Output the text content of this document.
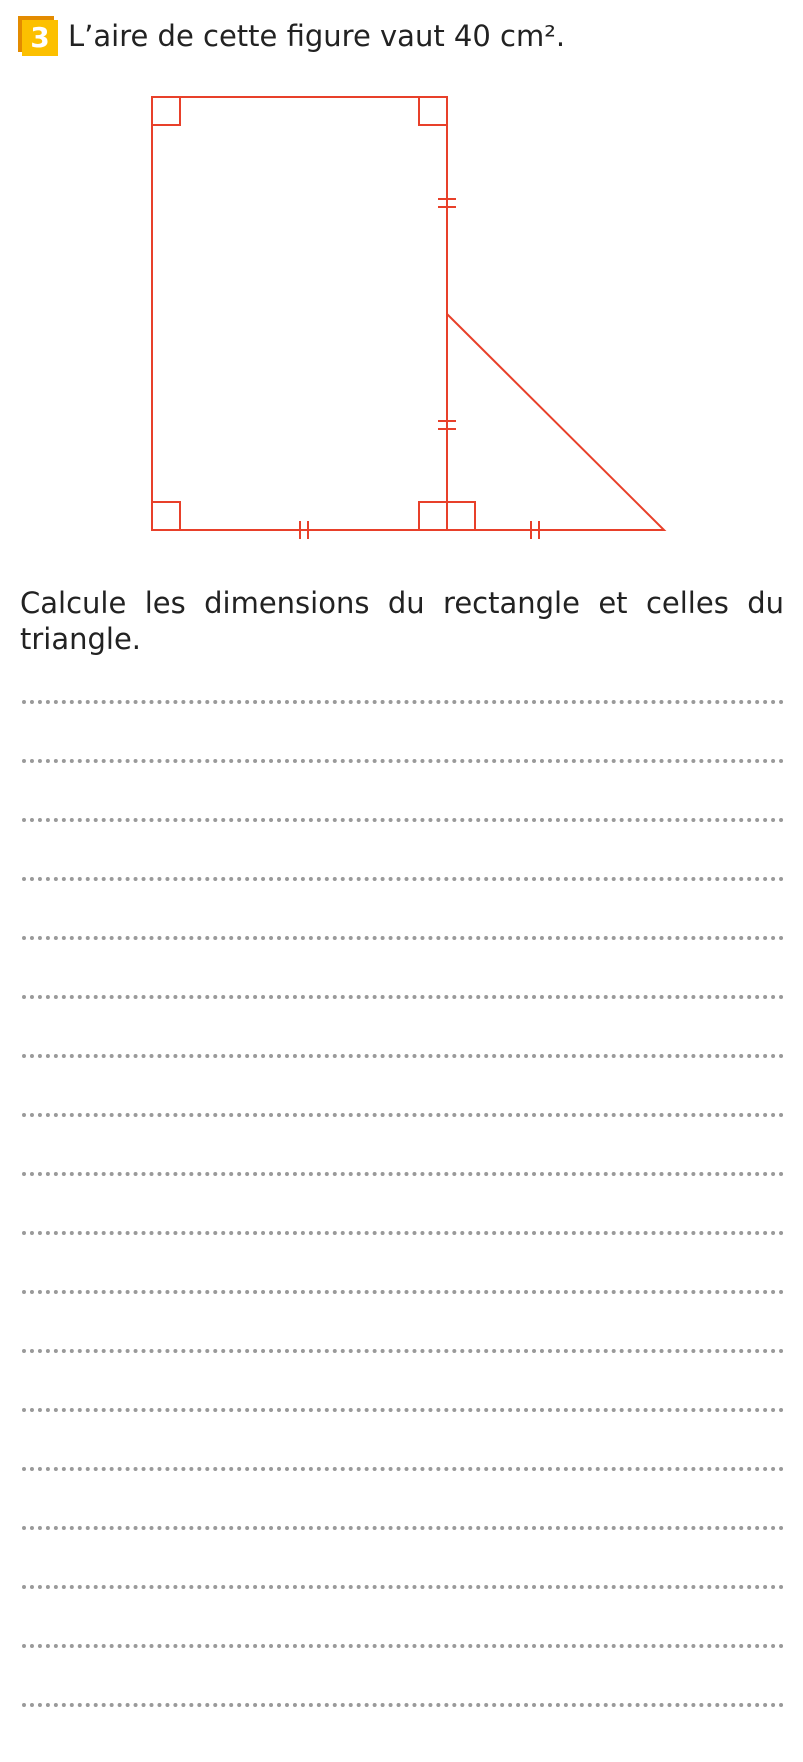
3 L’aire de cette figure vaut 40 cm².
Calcule les dimensions du rectangle et celles du triangle.
